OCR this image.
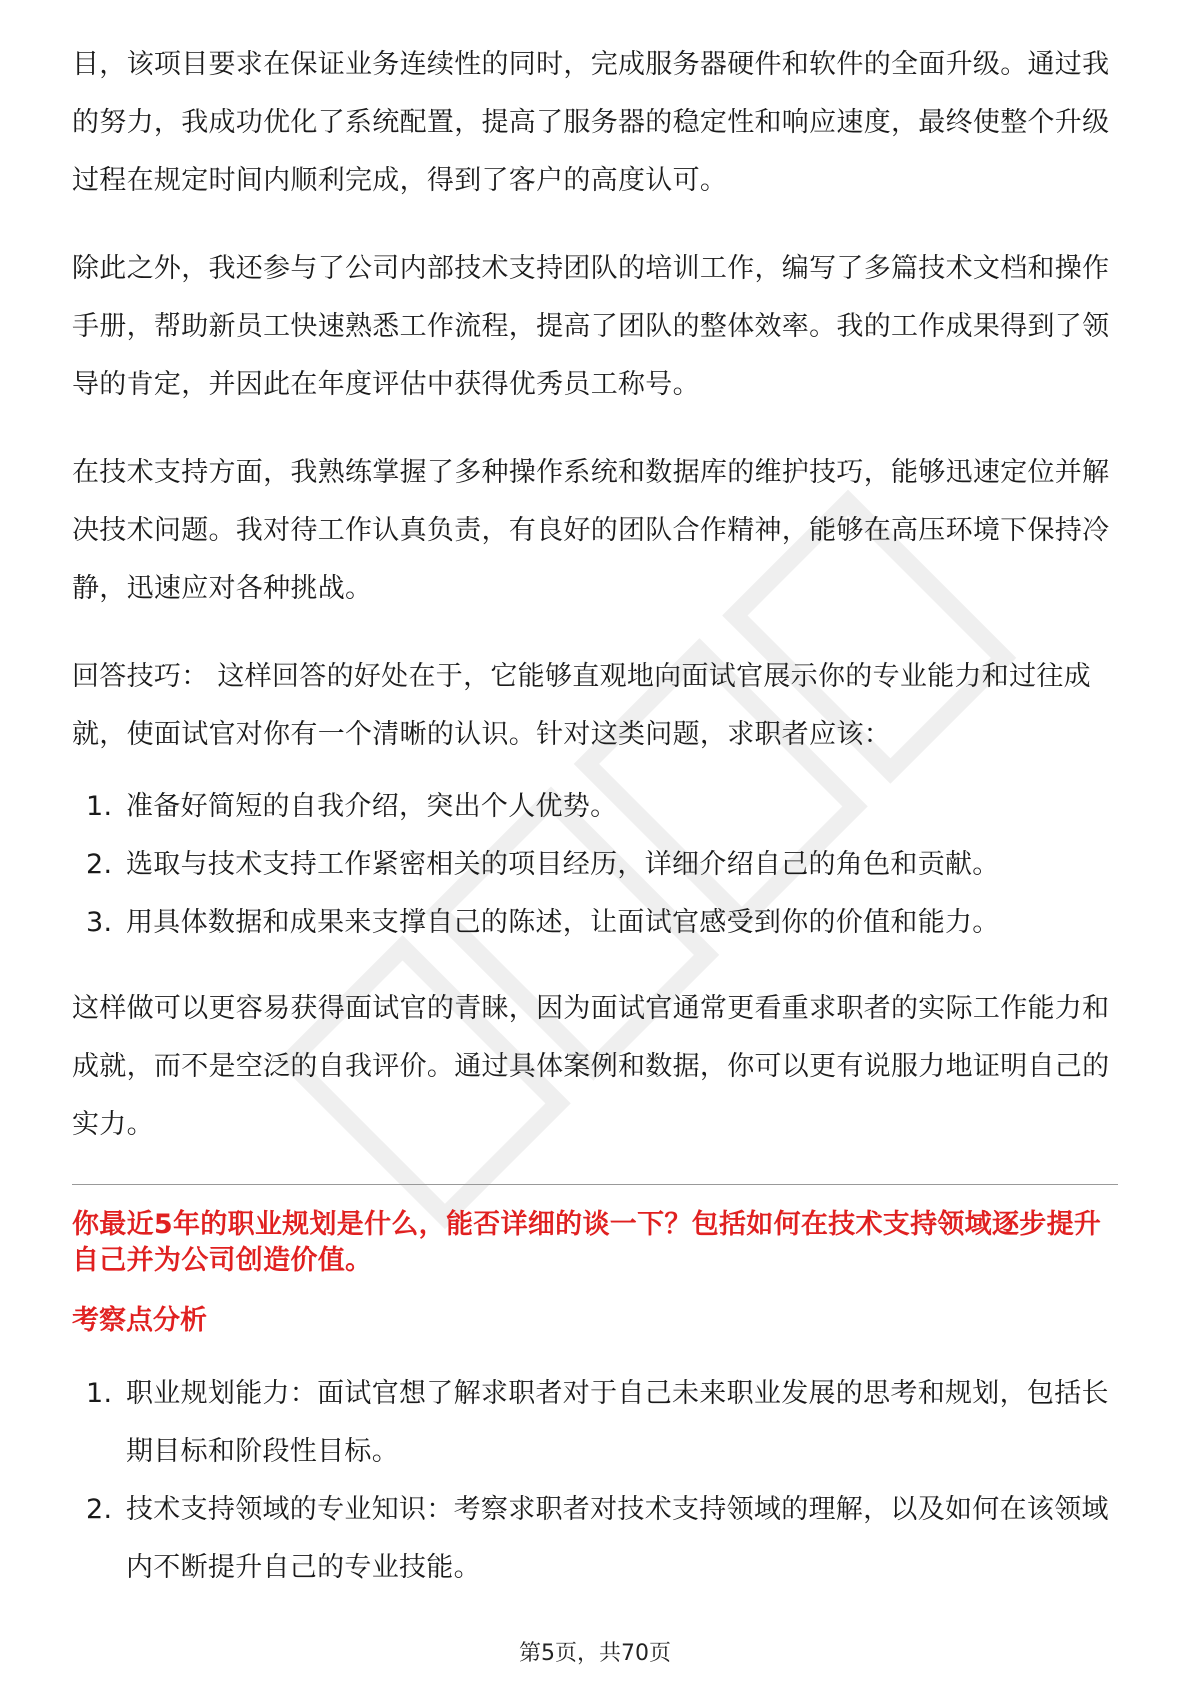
目，该项目要求在保证业务连续性的同时，完成服务器硬件和软件的全面升级。通过我的努力，我成功优化了系统配置，提高了服务器的稳定性和响应速度，最终使整个升级过程在规定时间内顺利完成，得到了客户的高度认可。

除此之外，我还参与了公司内部技术支持团队的培训工作，编写了多篇技术文档和操作手册，帮助新员工快速熟悉工作流程，提高了团队的整体效率。我的工作成果得到了领导的肯定，并因此在年度评估中获得优秀员工称号。

在技术支持方面，我熟练掌握了多种操作系统和数据库的维护技巧，能够迅速定位并解决技术问题。我对待工作认真负责，有良好的团队合作精神，能够在高压环境下保持冷静，迅速应对各种挑战。

回答技巧： 这样回答的好处在于，它能够直观地向面试官展示你的专业能力和过往成就，使面试官对你有一个清晰的认识。针对这类问题，求职者应该：

1. 准备好简短的自我介绍，突出个人优势。
2. 选取与技术支持工作紧密相关的项目经历，详细介绍自己的角色和贡献。
3. 用具体数据和成果来支撑自己的陈述，让面试官感受到你的价值和能力。

这样做可以更容易获得面试官的青睐，因为面试官通常更看重求职者的实际工作能力和成就，而不是空泛的自我评价。通过具体案例和数据，你可以更有说服力地证明自己的实力。

你最近5年的职业规划是什么，能否详细的谈一下？包括如何在技术支持领域逐步提升自己并为公司创造价值。

考察点分析

1. 职业规划能力：面试官想了解求职者对于自己未来职业发展的思考和规划，包括长期目标和阶段性目标。
2. 技术支持领域的专业知识：考察求职者对技术支持领域的理解，以及如何在该领域内不断提升自己的专业技能。
第5页，共70页
